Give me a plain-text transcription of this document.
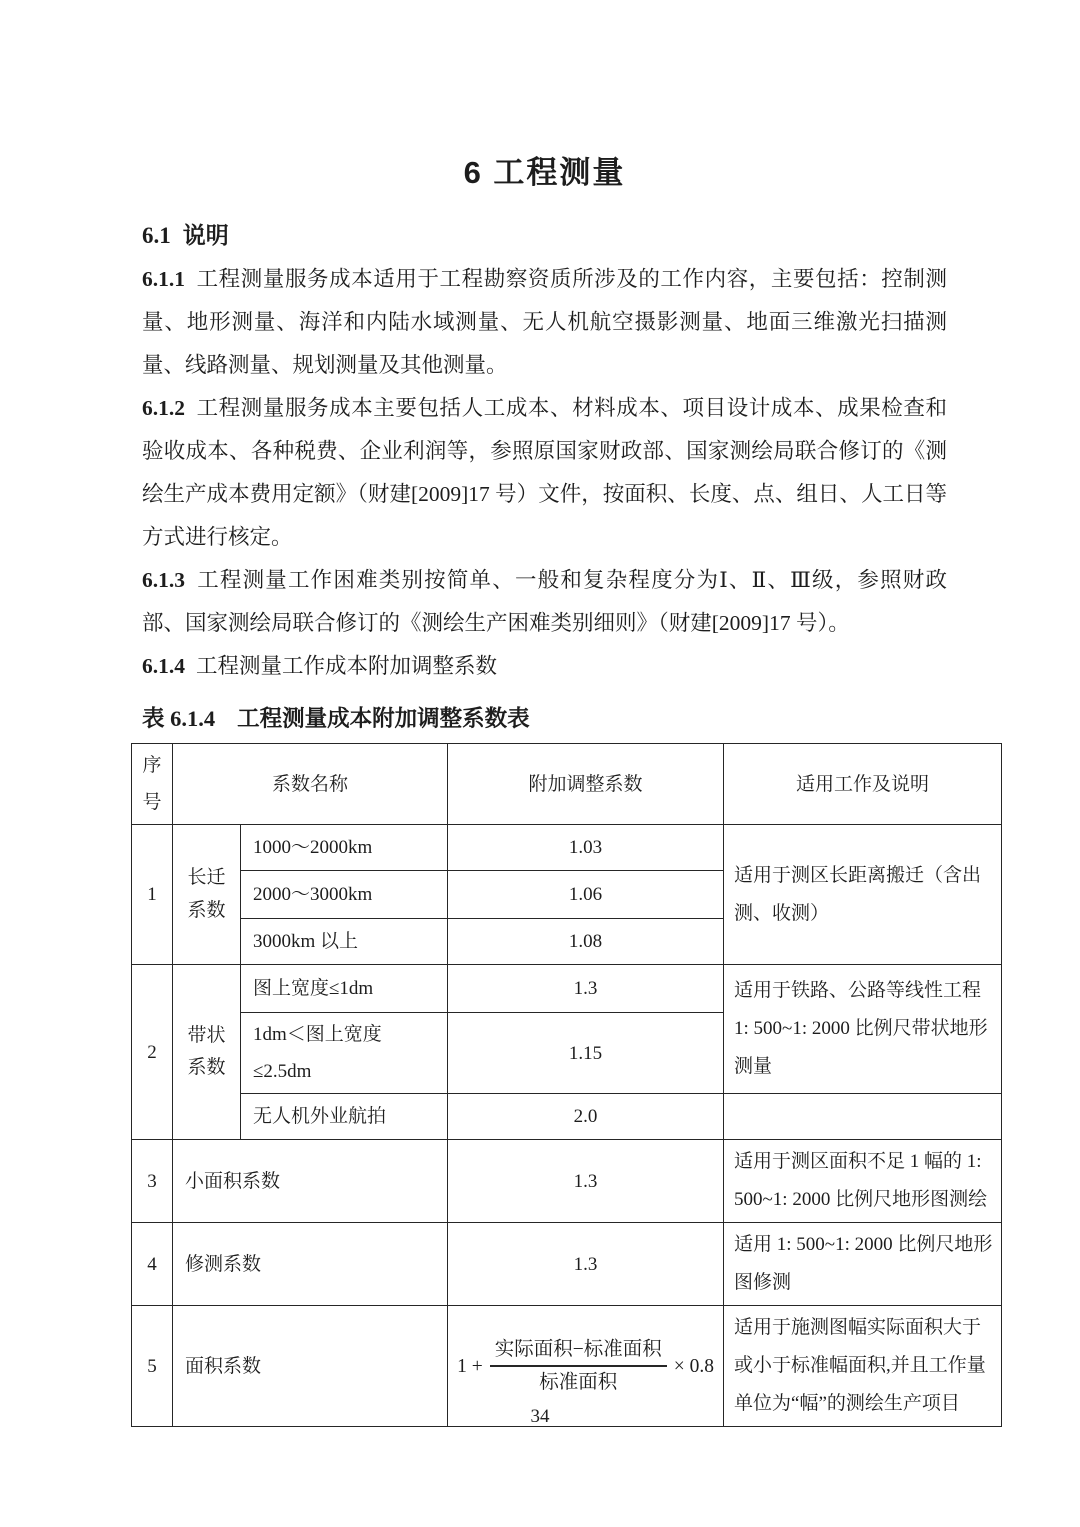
6 工程测量
6.1 说明

6.1.1 工程测量服务成本适用于工程勘察资质所涉及的工作内容，主要包括：控制测量、地形测量、海洋和内陆水域测量、无人机航空摄影测量、地面三维激光扫描测量、线路测量、规划测量及其他测量。

6.1.2 工程测量服务成本主要包括人工成本、材料成本、项目设计成本、成果检查和验收成本、各种税费、企业利润等，参照原国家财政部、国家测绘局联合修订的《测绘生产成本费用定额》（财建[2009]17 号）文件，按面积、长度、点、组日、人工日等方式进行核定。

6.1.3 工程测量工作困难类别按简单、一般和复杂程度分为Ⅰ、Ⅱ、Ⅲ级，参照财政部、国家测绘局联合修订的《测绘生产困难类别细则》（财建[2009]17 号）。

6.1.4 工程测量工作成本附加调整系数

表 6.1.4 工程测量成本附加调整系数表
序号	系数名称		附加调整系数	适用工作及说明
1	长迁系数	1000～2000km	1.03	适用于测区长距离搬迁（含出测、收测）
		2000～3000km	1.06	
		3000km 以上	1.08	
2	带状系数	图上宽度≤1dm	1.3	适用于铁路、公路等线性工程 1: 500~1: 2000 比例尺带状地形测量
		1dm＜图上宽度≤2.5dm	1.15	
		无人机外业航拍	2.0	
3	小面积系数		1.3	适用于测区面积不足 1 幅的 1: 500~1: 2000 比例尺地形图测绘
4	修测系数		1.3	适用 1: 500~1: 2000 比例尺地形图修测
5	面积系数		$1 + \frac{\text{实际面积−标准面积}}{\text{标准面积}} \times 0.8$	适用于施测图幅实际面积大于或小于标准幅面积,并且工作量单位为“幅”的测绘生产项目
34
